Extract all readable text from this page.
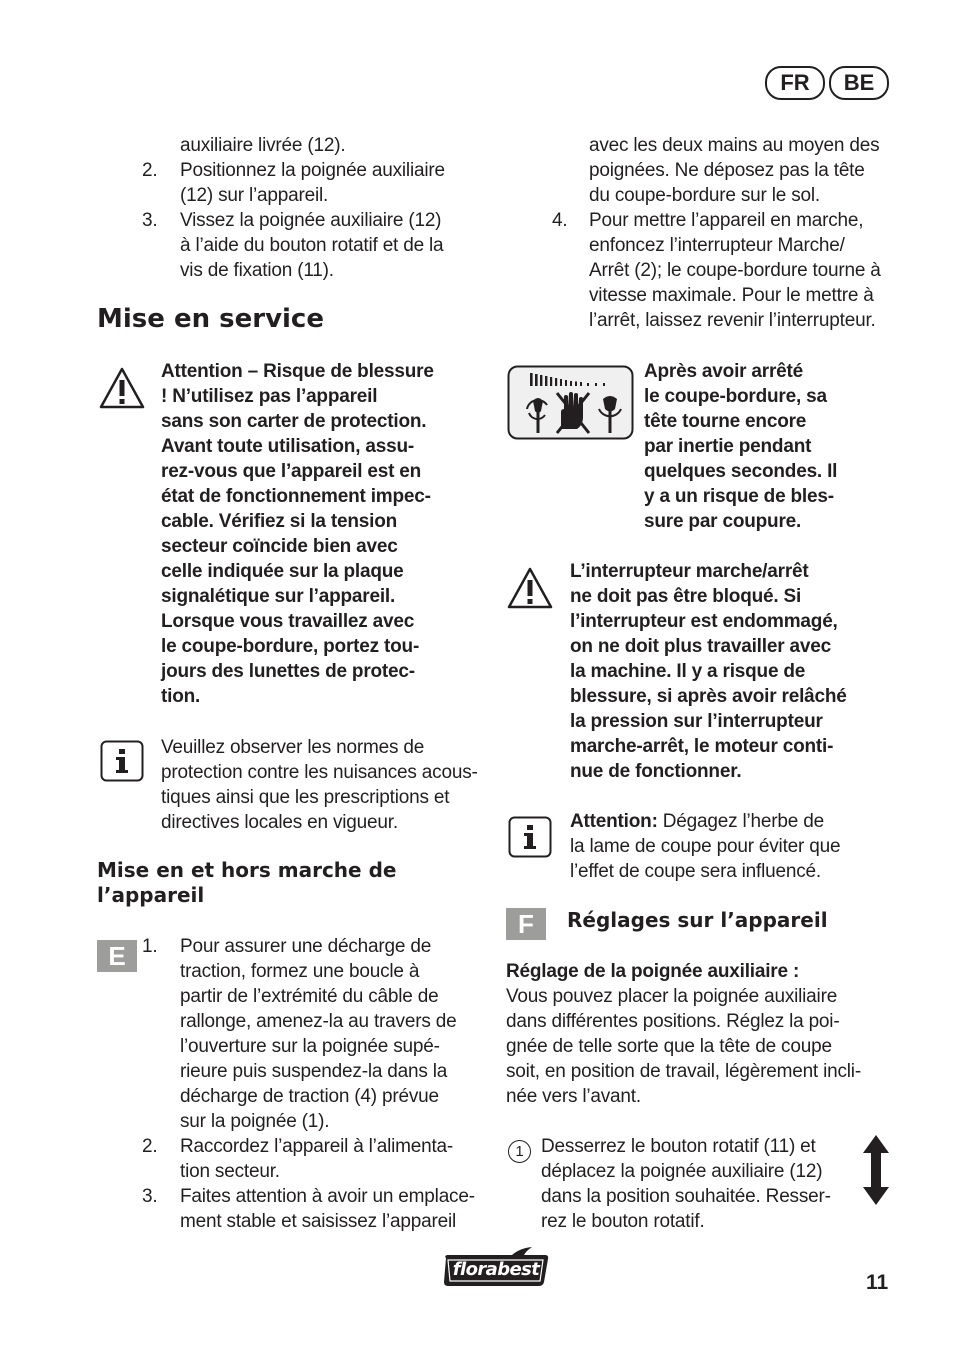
FR	BE
auxiliaire livrée (12).
2. Positionnez la poignée auxiliaire
(12) sur l’appareil.
3. Vissez la poignée auxiliaire (12)
à l’aide du bouton rotatif et de la
vis de fixation (11).
Mise en service
Attention – Risque de blessure
! N’utilisez pas l’appareil
sans son carter de protection.
Avant toute utilisation, assu-
rez-vous que l’appareil est en
état de fonctionnement impec-
cable. Vérifiez si la tension
secteur coïncide bien avec
celle indiquée sur la plaque
signalétique sur l’appareil.
Lorsque vous travaillez avec
le coupe-bordure, portez tou-
jours des lunettes de protec-
tion.
Veuillez observer les normes de
protection contre les nuisances acous-
tiques ainsi que les prescriptions et
directives locales en vigueur.
Mise en et hors marche de
l’appareil
E 1. Pour assurer une décharge de
traction, formez une boucle à
partir de l’extrémité du câble de
rallonge, amenez-la au travers de
l’ouverture sur la poignée supé-
rieure puis suspendez-la dans la
décharge de traction (4) prévue
sur la poignée (1).
2. Raccordez l’appareil à l’alimenta-
tion secteur.
3. Faites attention à avoir un emplace-
ment stable et saisissez l’appareil
avec les deux mains au moyen des
poignées. Ne déposez pas la tête
du coupe-bordure sur le sol.
4. Pour mettre l’appareil en marche,
enfoncez l’interrupteur Marche/
Arrêt (2); le coupe-bordure tourne à
vitesse maximale. Pour le mettre à
l’arrêt, laissez revenir l’interrupteur.
Après avoir arrêté
le coupe-bordure, sa
tête tourne encore
par inertie pendant
quelques secondes. Il
y a un risque de bles-
sure par coupure.
L’interrupteur marche/arrêt
ne doit pas être bloqué. Si
l’interrupteur est endommagé,
on ne doit plus travailler avec
la machine. Il y a risque de
blessure, si après avoir relâché
la pression sur l’interrupteur
marche-arrêt, le moteur conti-
nue de fonctionner.
Attention: Dégagez l’herbe de
la lame de coupe pour éviter que
l’effet de coupe sera influencé.
F	Réglages sur l’appareil
Réglage de la poignée auxiliaire :
Vous pouvez placer la poignée auxiliaire
dans différentes positions. Réglez la poi-
gnée de telle sorte que la tête de coupe
soit, en position de travail, légèrement incli-
née vers l’avant.
1 Desserrez le bouton rotatif (11) et
déplacez la poignée auxiliaire (12)
dans la position souhaitée. Resser-
rez le bouton rotatif.
florabest
11
